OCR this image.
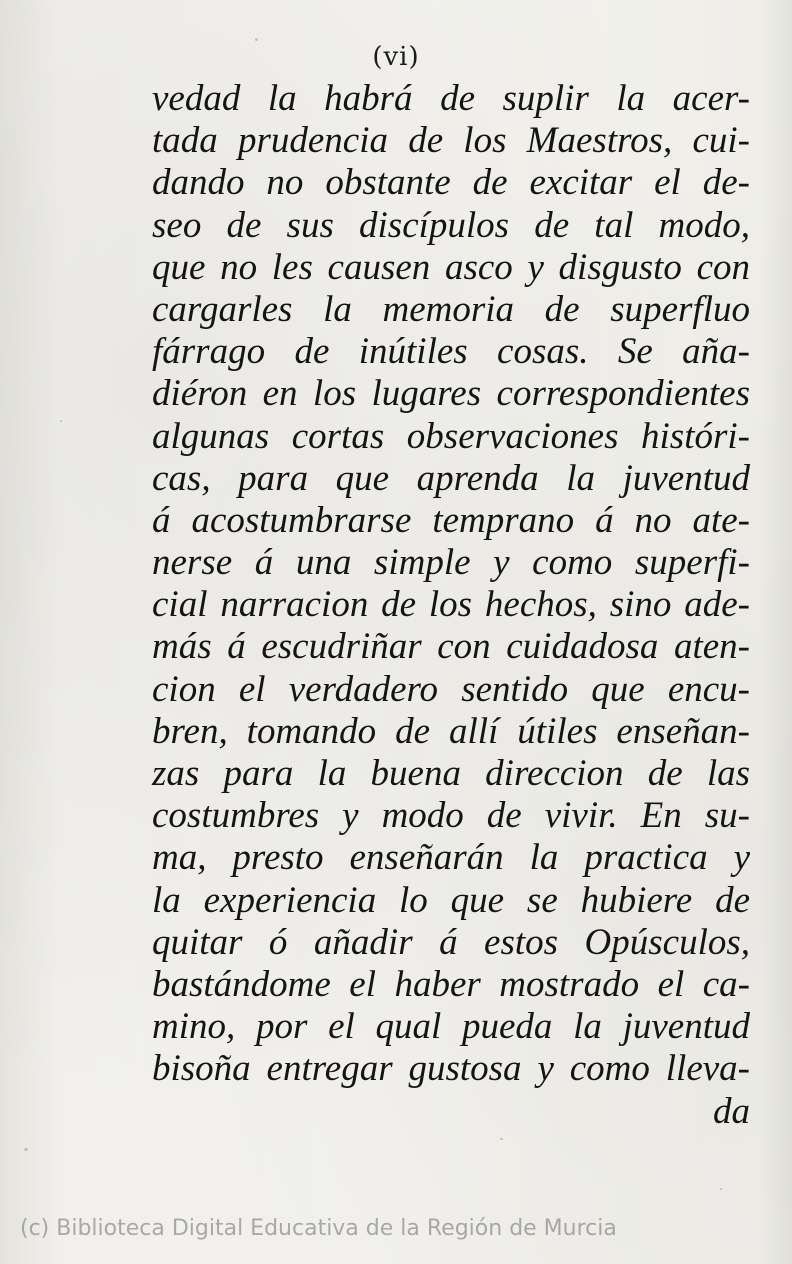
(vi)
vedad la habrá de suplir la acer-
tada prudencia de los Maestros, cui-
dando no obstante de excitar el de-
seo de sus discípulos de tal modo,
que no les causen asco y disgusto con
cargarles la memoria de superfluo
fárrago de inútiles cosas. Se aña-
diéron en los lugares correspondientes
algunas cortas observaciones históri-
cas, para que aprenda la juventud
á acostumbrarse temprano á no ate-
nerse á una simple y como superfi-
cial narracion de los hechos, sino ade-
más á escudriñar con cuidadosa aten-
cion el verdadero sentido que encu-
bren, tomando de allí útiles enseñan-
zas para la buena direccion de las
costumbres y modo de vivir. En su-
ma, presto enseñarán la practica y
la experiencia lo que se hubiere de
quitar ó añadir á estos Opúsculos,
bastándome el haber mostrado el ca-
mino, por el qual pueda la juventud
bisoña entregar gustosa y como lleva-
da
(c) Biblioteca Digital Educativa de la Región de Murcia
